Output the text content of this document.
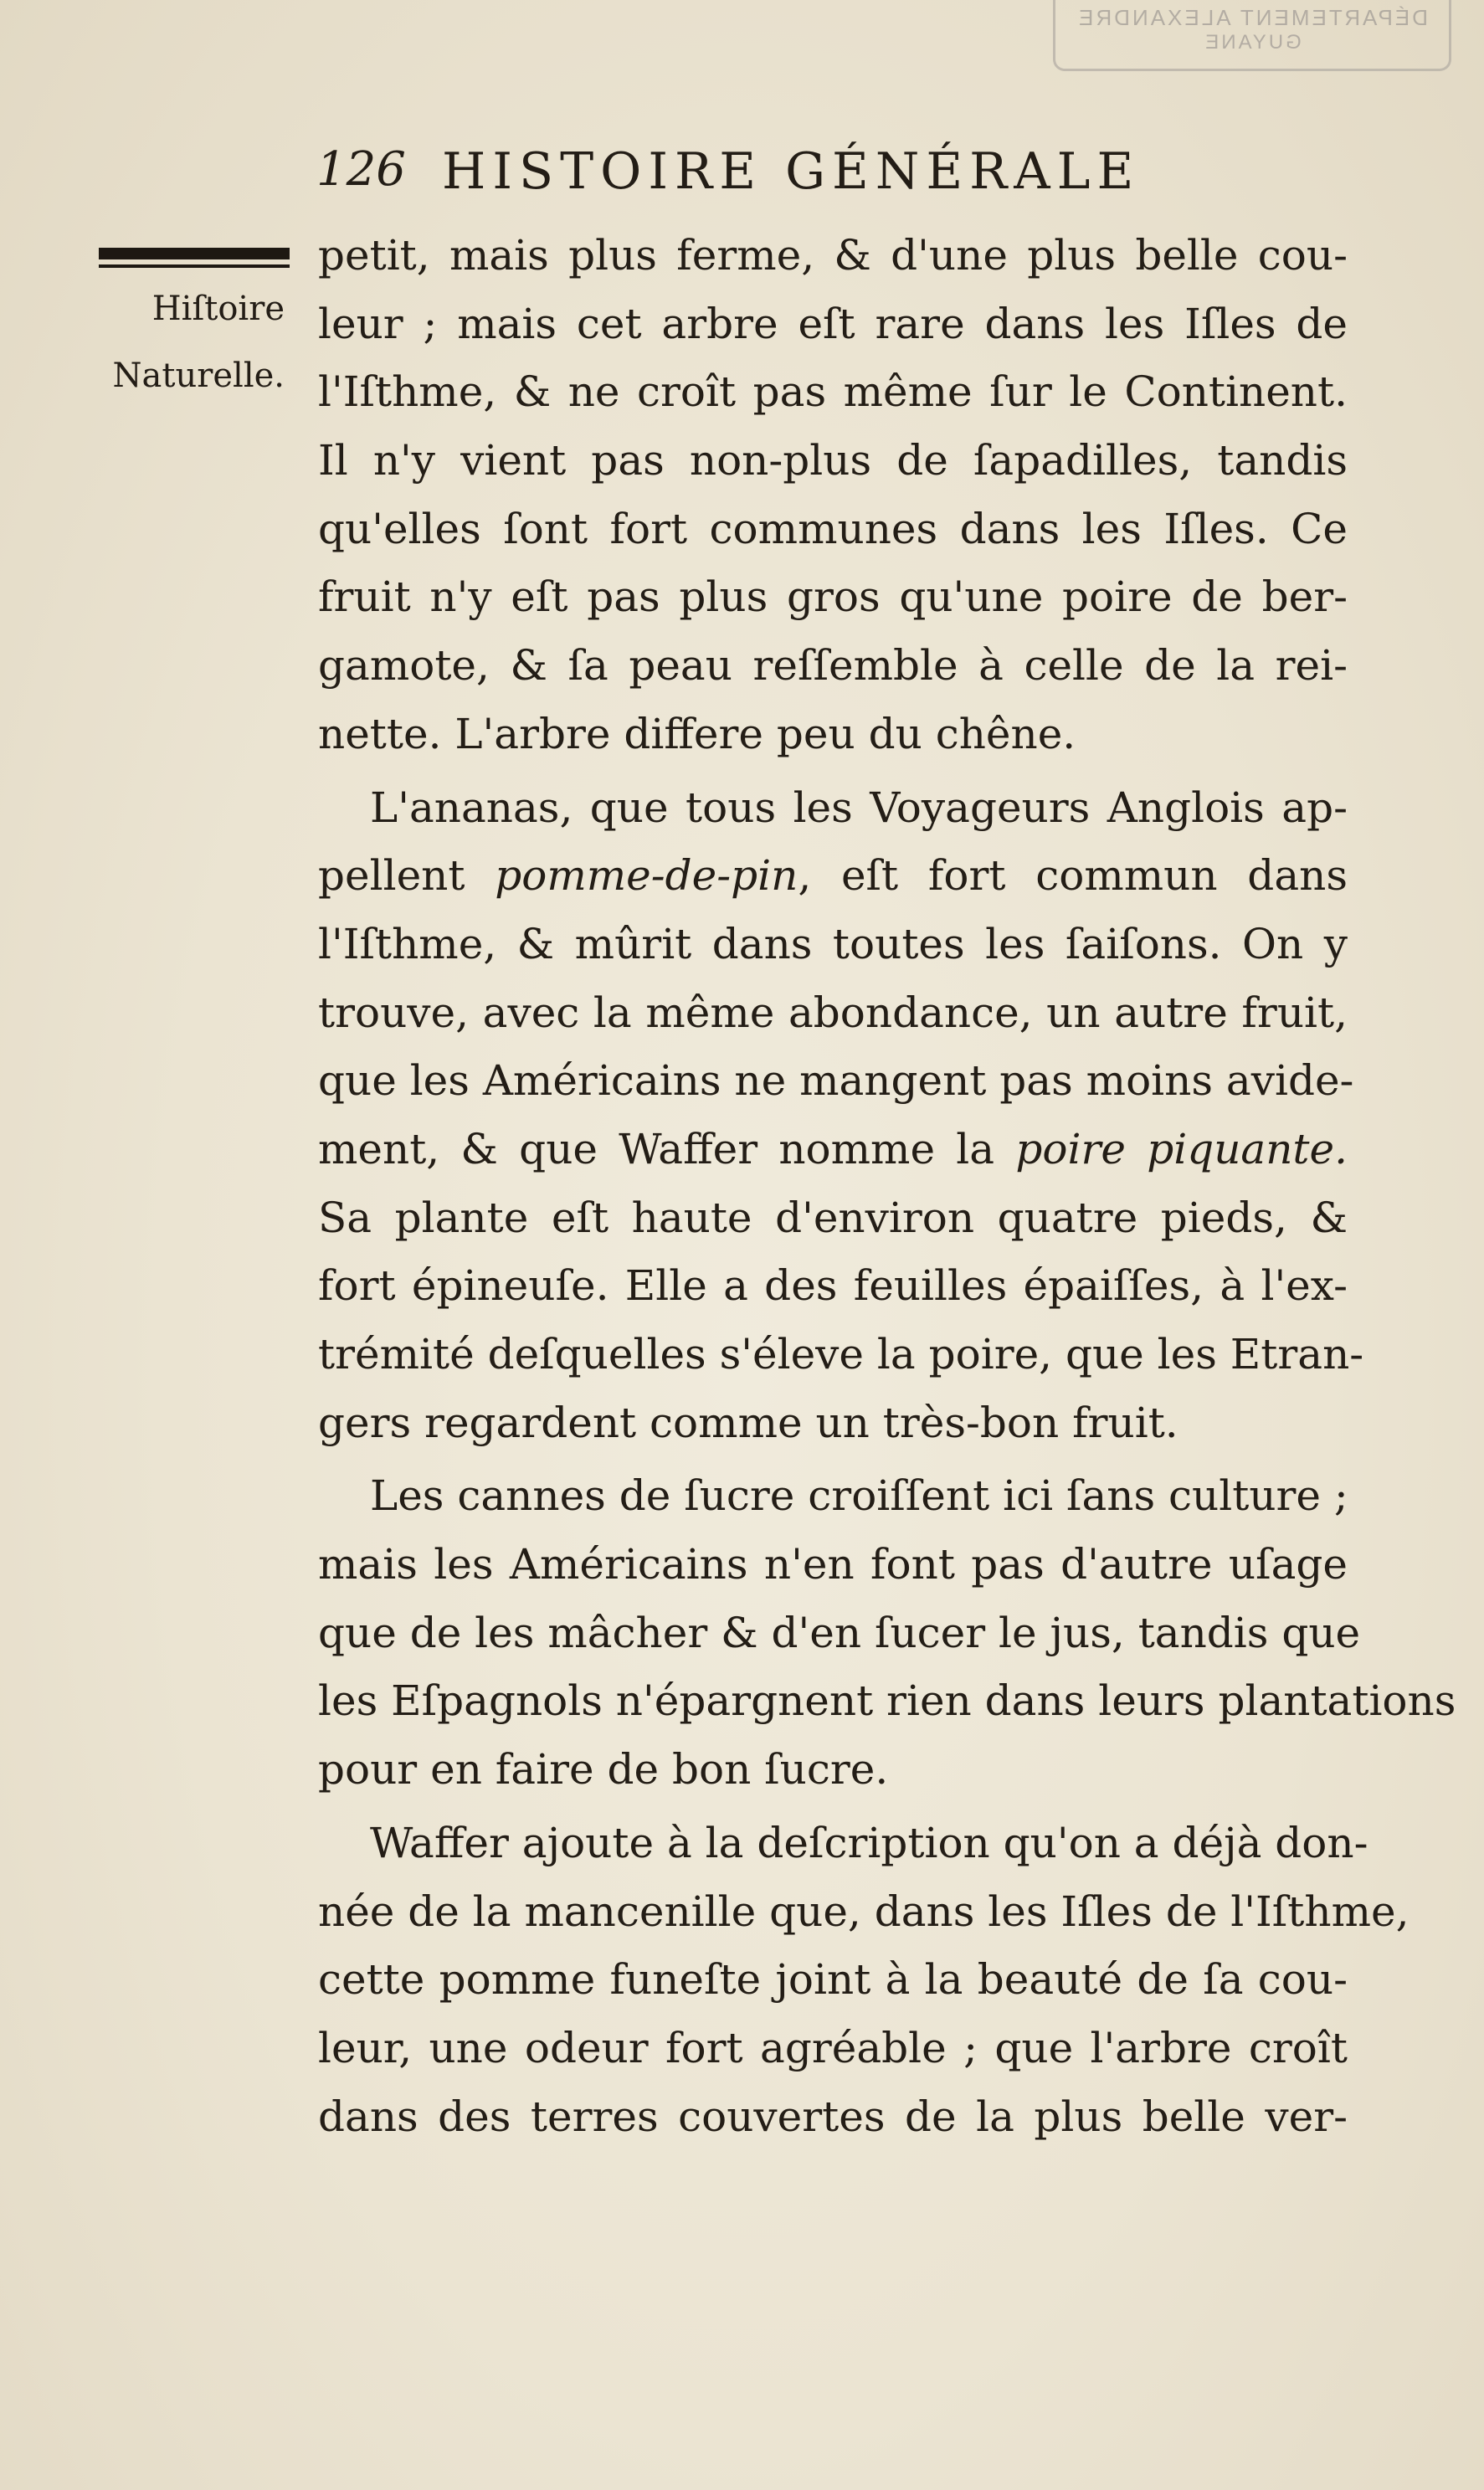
DÉPARTEMENT ALEXANDRE
GUYANE
126 HISTOIRE GÉNÉRALE
Hiſtoire
Naturelle.
petit, mais plus ferme, & d'une plus belle cou-
leur ; mais cet arbre eſt rare dans les Iſles de
l'Iſthme, & ne croît pas même ſur le Continent.
Il n'y vient pas non-plus de ſapadilles, tandis
qu'elles ſont fort communes dans les Iſles. Ce
fruit n'y eſt pas plus gros qu'une poire de ber-
gamote, & ſa peau reſſemble à celle de la rei-
nette. L'arbre differe peu du chêne.
L'ananas, que tous les Voyageurs Anglois ap-
pellent pomme-de-pin, eſt fort commun dans
l'Iſthme, & mûrit dans toutes les ſaiſons. On y
trouve, avec la même abondance, un autre fruit,
que les Américains ne mangent pas moins avide-
ment, & que Waffer nomme la poire piquante.
Sa plante eſt haute d'environ quatre pieds, &
fort épineuſe. Elle a des feuilles épaiſſes, à l'ex-
trémité deſquelles s'éleve la poire, que les Etran-
gers regardent comme un très-bon fruit.
Les cannes de ſucre croiſſent ici ſans culture ;
mais les Américains n'en font pas d'autre uſage
que de les mâcher & d'en ſucer le jus, tandis que
les Eſpagnols n'épargnent rien dans leurs plantations
pour en faire de bon ſucre.
Waffer ajoute à la deſcription qu'on a déjà don-
née de la mancenille que, dans les Iſles de l'Iſthme,
cette pomme funeſte joint à la beauté de ſa cou-
leur, une odeur fort agréable ; que l'arbre croît
dans des terres couvertes de la plus belle ver-
